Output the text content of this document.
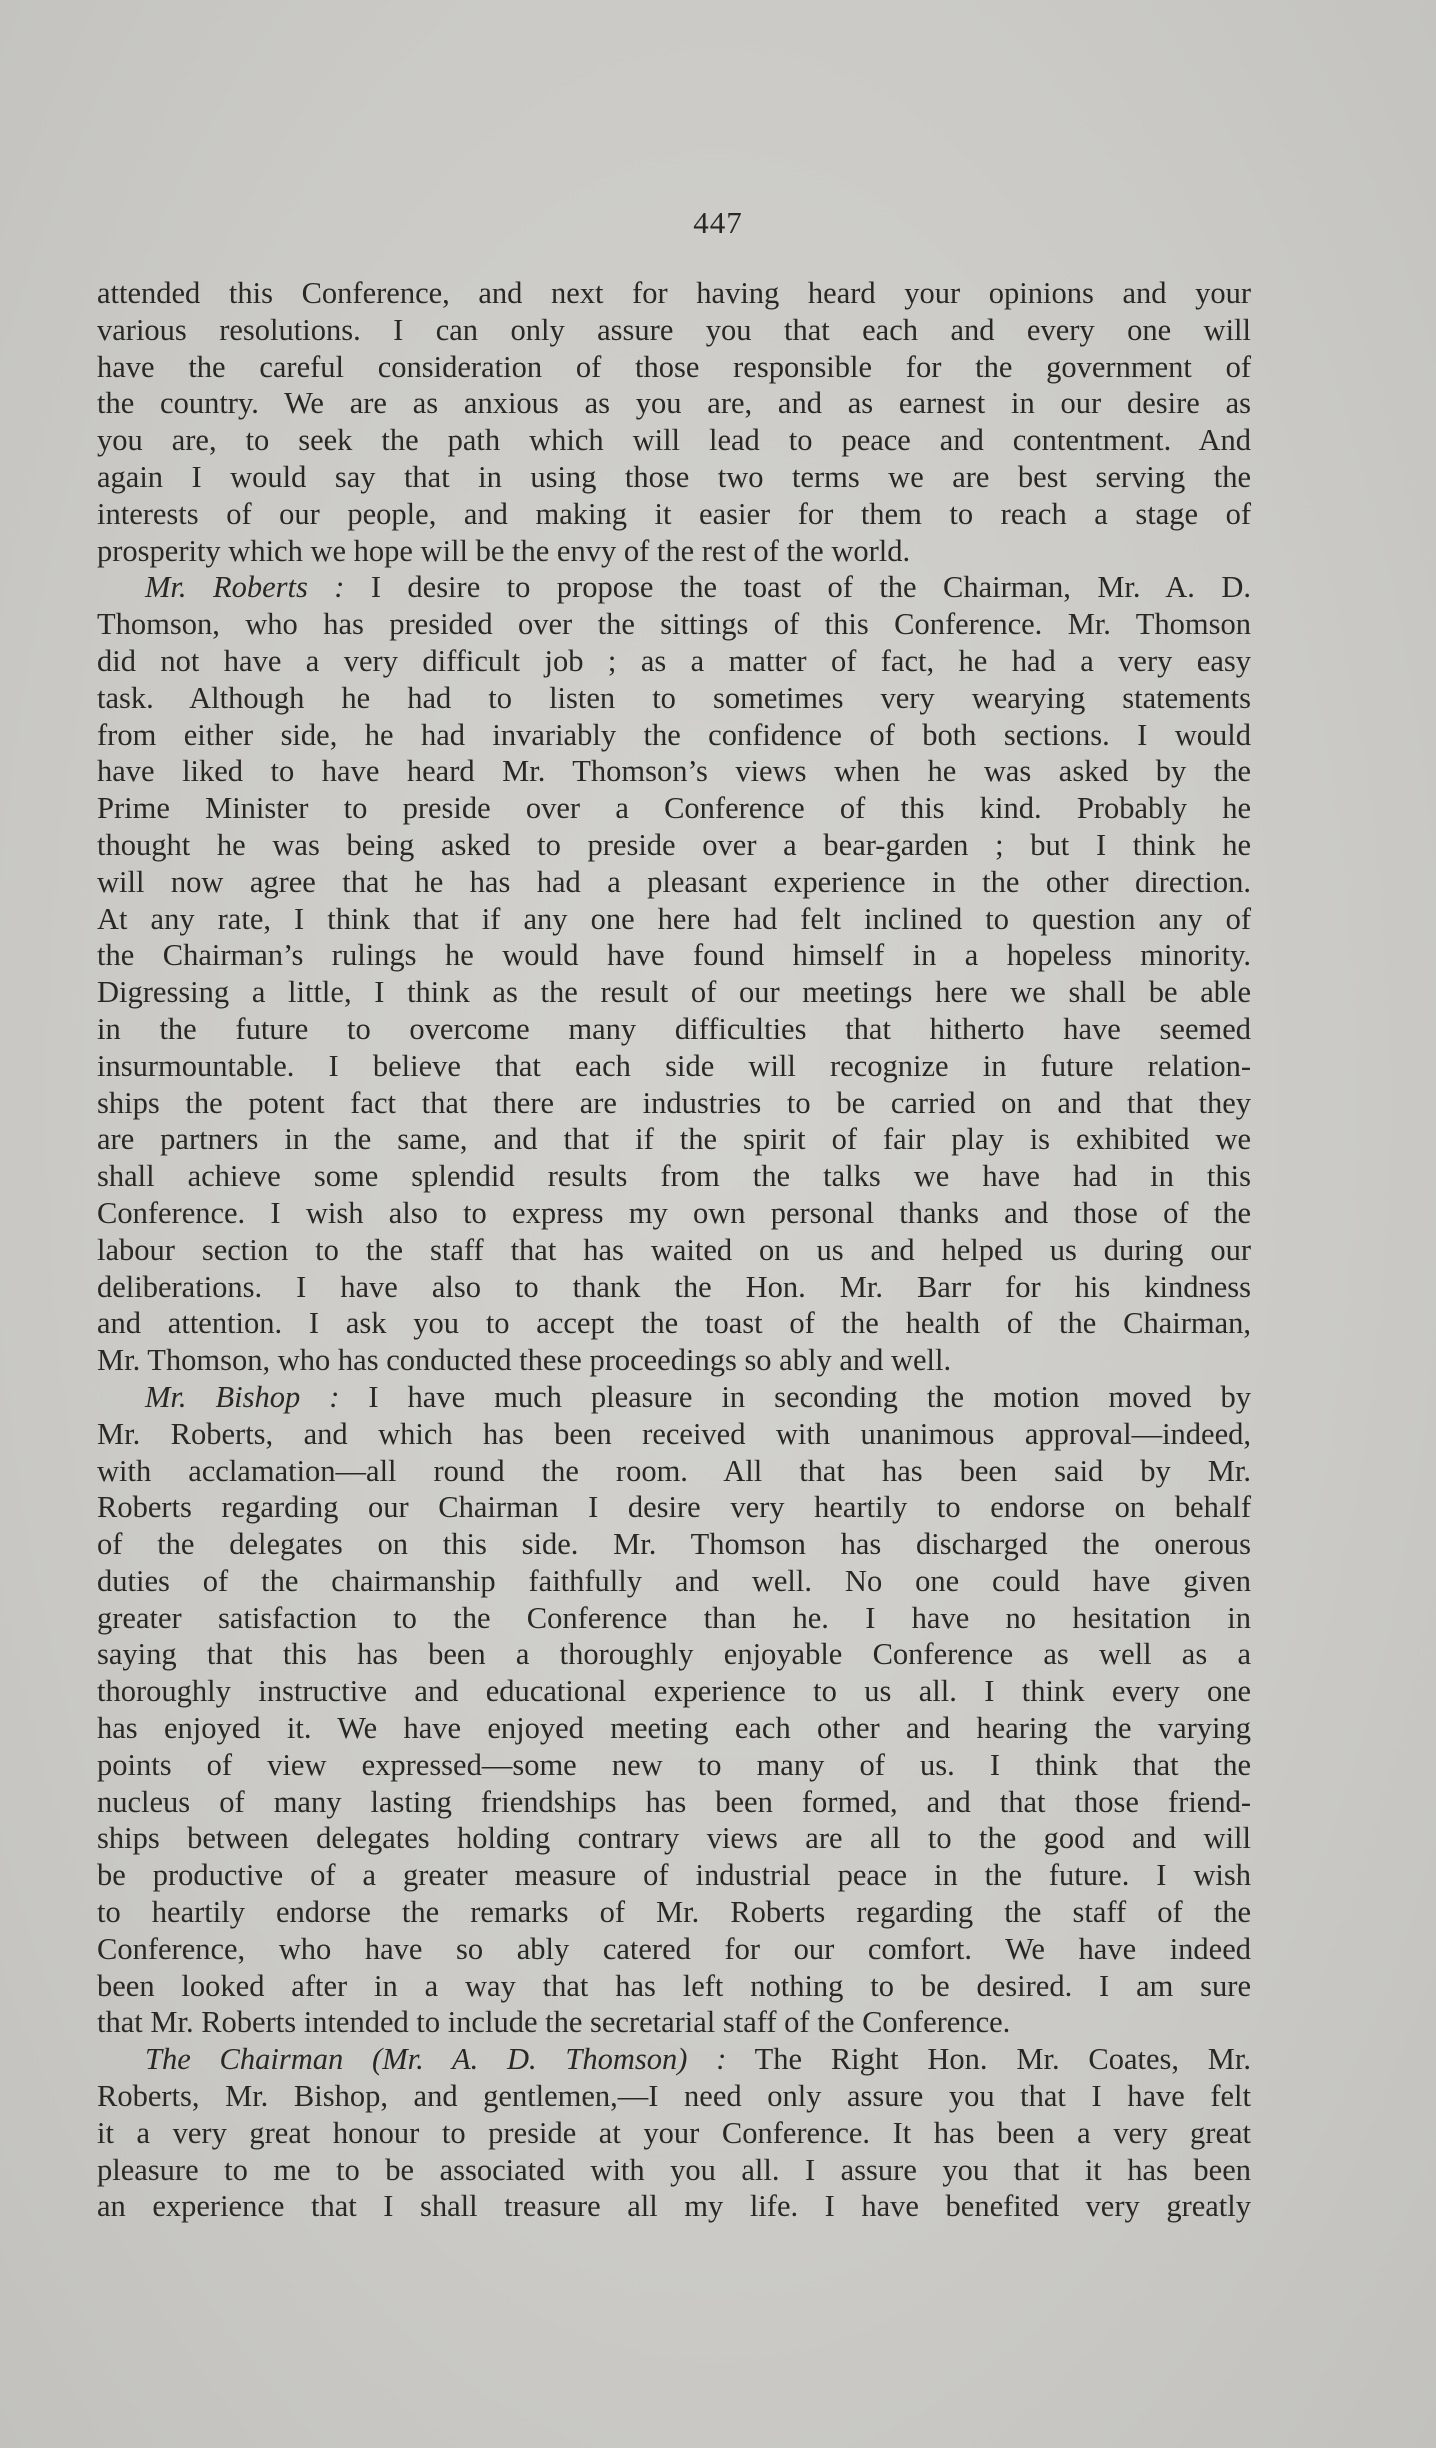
447
attended this Conference, and next for having heard your opinions and your
various resolutions. I can only assure you that each and every one will
have the careful consideration of those responsible for the government of
the country. We are as anxious as you are, and as earnest in our desire as
you are, to seek the path which will lead to peace and contentment. And
again I would say that in using those two terms we are best serving the
interests of our people, and making it easier for them to reach a stage of
prosperity which we hope will be the envy of the rest of the world.
Mr. Roberts : I desire to propose the toast of the Chairman, Mr. A. D.
Thomson, who has presided over the sittings of this Conference. Mr. Thomson
did not have a very difficult job ; as a matter of fact, he had a very easy
task. Although he had to listen to sometimes very wearying statements
from either side, he had invariably the confidence of both sections. I would
have liked to have heard Mr. Thomson’s views when he was asked by the
Prime Minister to preside over a Conference of this kind. Probably he
thought he was being asked to preside over a bear-garden ; but I think he
will now agree that he has had a pleasant experience in the other direction.
At any rate, I think that if any one here had felt inclined to question any of
the Chairman’s rulings he would have found himself in a hopeless minority.
Digressing a little, I think as the result of our meetings here we shall be able
in the future to overcome many difficulties that hitherto have seemed
insurmountable. I believe that each side will recognize in future relation-
ships the potent fact that there are industries to be carried on and that they
are partners in the same, and that if the spirit of fair play is exhibited we
shall achieve some splendid results from the talks we have had in this
Conference. I wish also to express my own personal thanks and those of the
labour section to the staff that has waited on us and helped us during our
deliberations. I have also to thank the Hon. Mr. Barr for his kindness
and attention. I ask you to accept the toast of the health of the Chairman,
Mr. Thomson, who has conducted these proceedings so ably and well.
Mr. Bishop : I have much pleasure in seconding the motion moved by
Mr. Roberts, and which has been received with unanimous approval—indeed,
with acclamation—all round the room. All that has been said by Mr.
Roberts regarding our Chairman I desire very heartily to endorse on behalf
of the delegates on this side. Mr. Thomson has discharged the onerous
duties of the chairmanship faithfully and well. No one could have given
greater satisfaction to the Conference than he. I have no hesitation in
saying that this has been a thoroughly enjoyable Conference as well as a
thoroughly instructive and educational experience to us all. I think every one
has enjoyed it. We have enjoyed meeting each other and hearing the varying
points of view expressed—some new to many of us. I think that the
nucleus of many lasting friendships has been formed, and that those friend-
ships between delegates holding contrary views are all to the good and will
be productive of a greater measure of industrial peace in the future. I wish
to heartily endorse the remarks of Mr. Roberts regarding the staff of the
Conference, who have so ably catered for our comfort. We have indeed
been looked after in a way that has left nothing to be desired. I am sure
that Mr. Roberts intended to include the secretarial staff of the Conference.
The Chairman (Mr. A. D. Thomson) : The Right Hon. Mr. Coates, Mr.
Roberts, Mr. Bishop, and gentlemen,—I need only assure you that I have felt
it a very great honour to preside at your Conference. It has been a very great
pleasure to me to be associated with you all. I assure you that it has been
an experience that I shall treasure all my life. I have benefited very greatly
